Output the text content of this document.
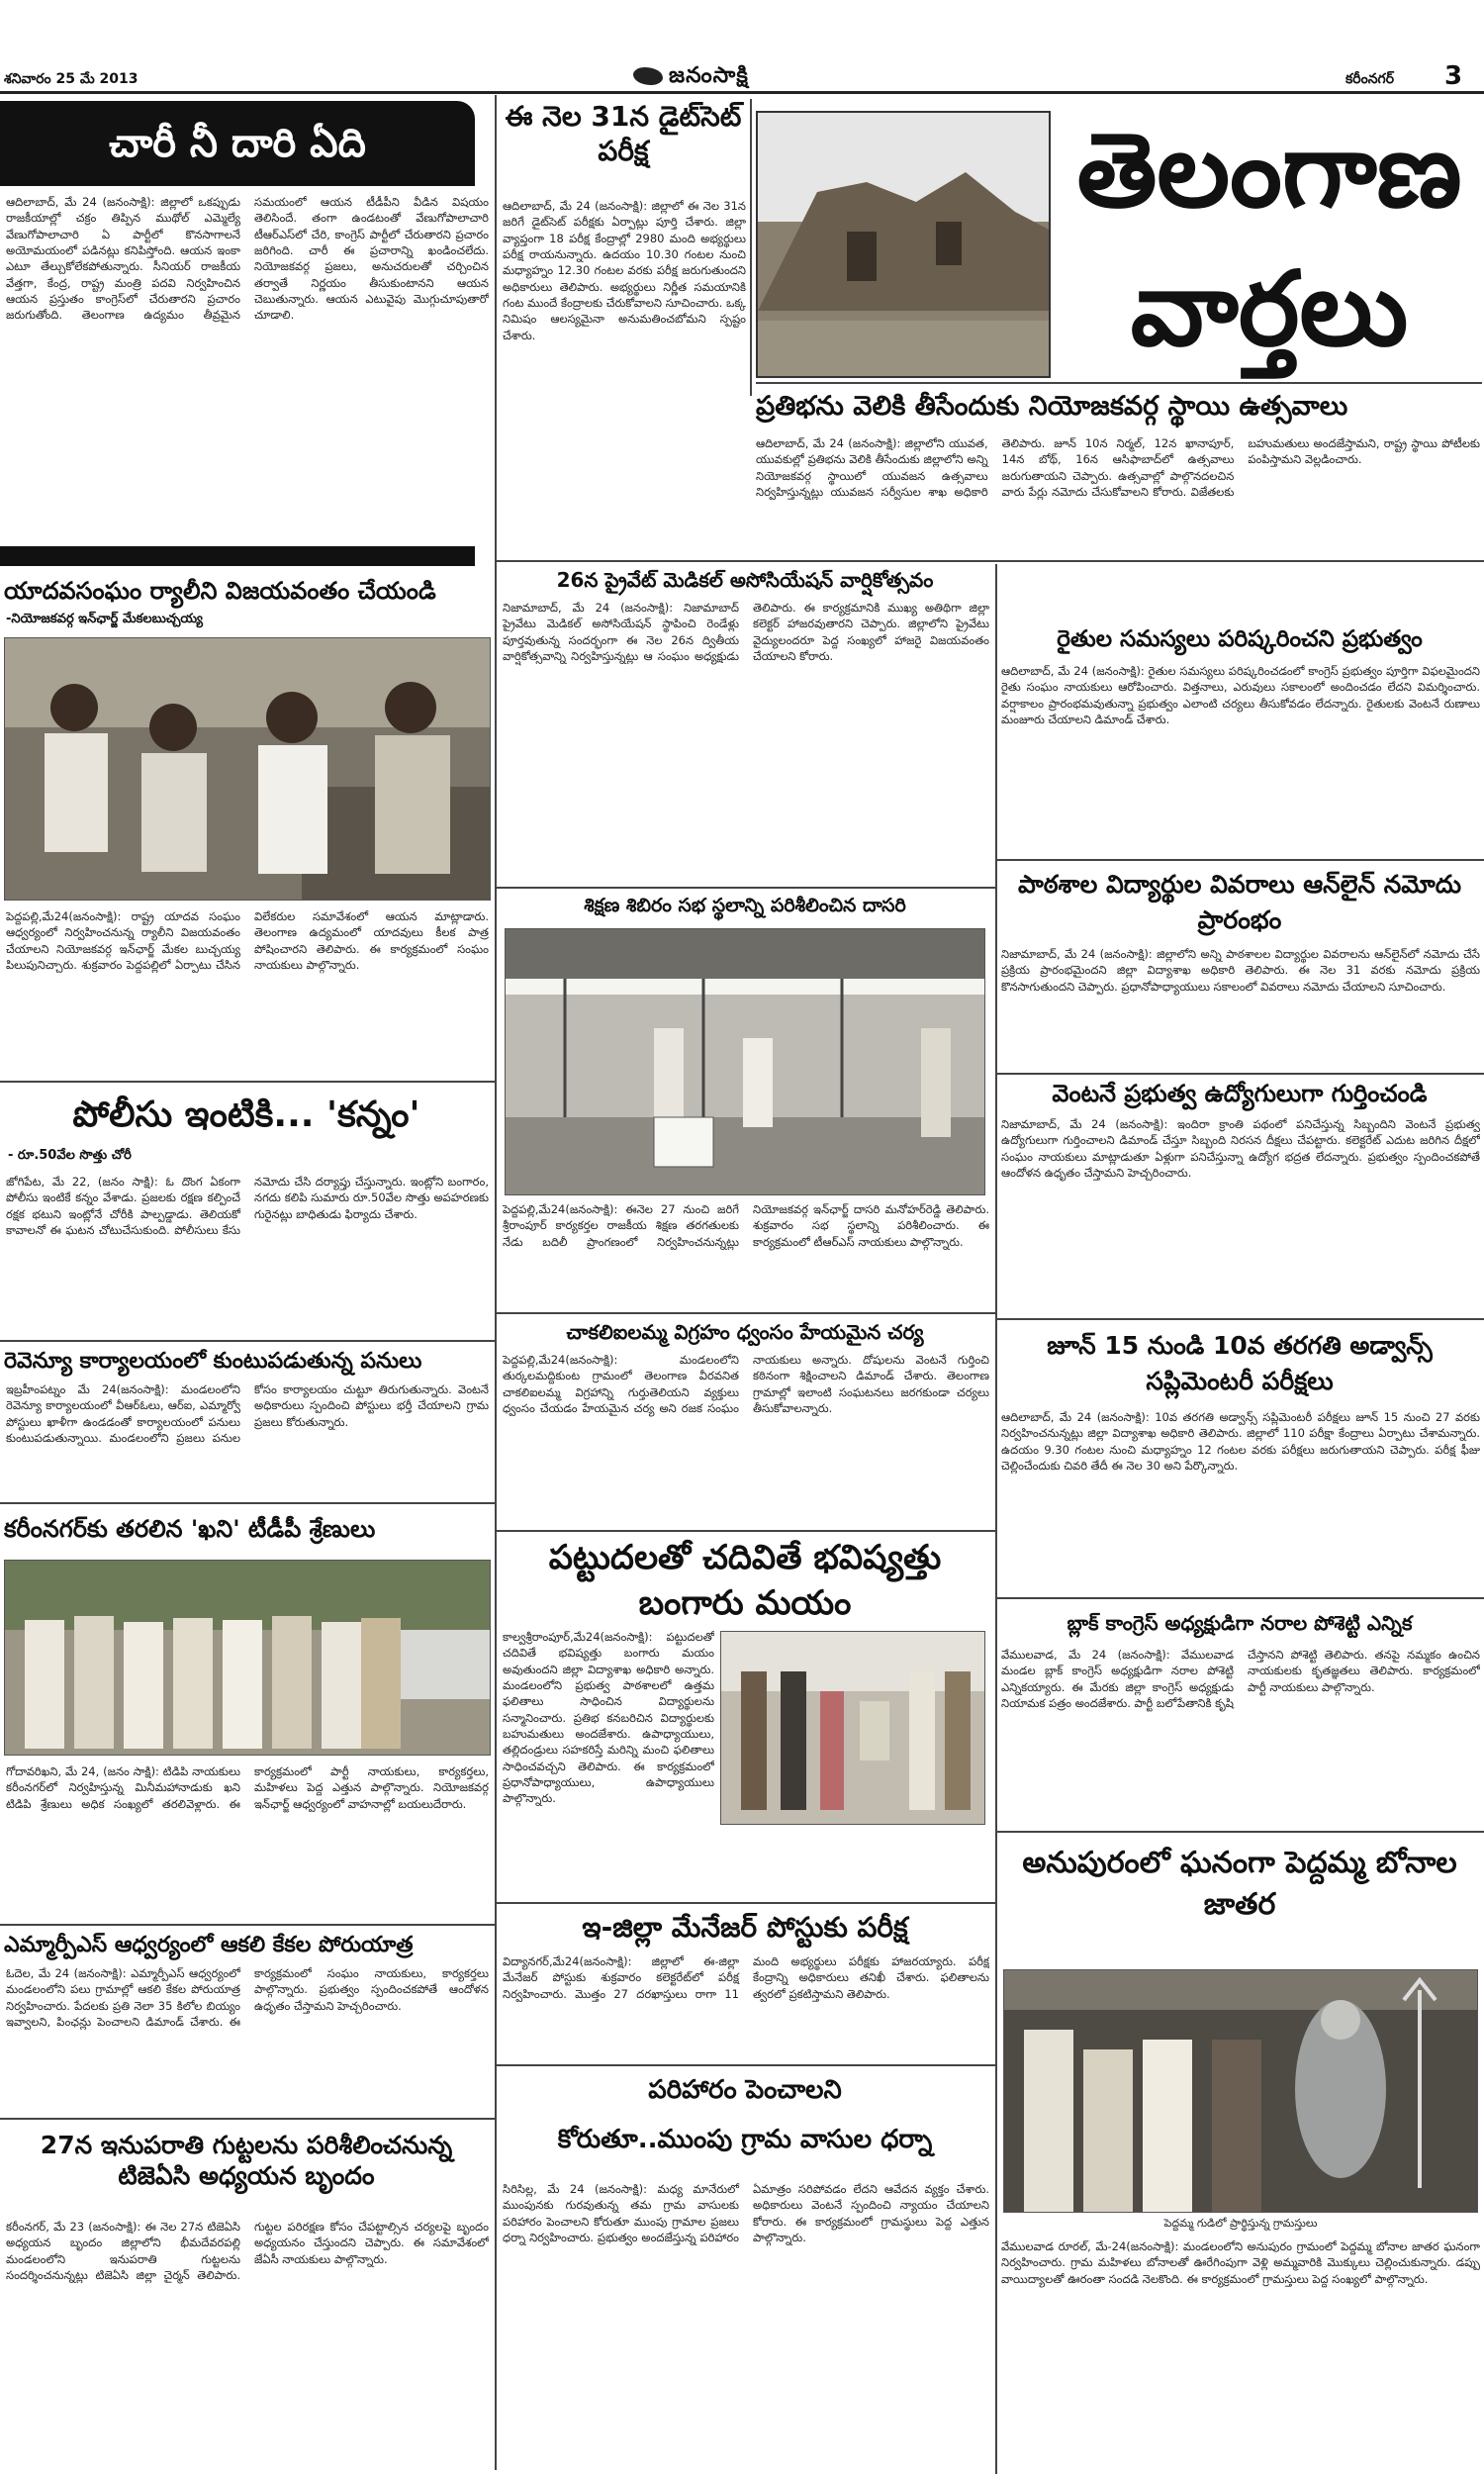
శనివారం 25 మే 2013	జనంసాక్షి	కరీంనగర్ 3
చారీ నీ దారి ఏది
ఆదిలాబాద్‌, మే 24 (జనంసాక్షి): జిల్లాలో ఒకప్పుడు రాజకీయాల్లో చక్రం తిప్పిన ముథోల్‌ ఎమ్మెల్యే వేణుగోపాలాచారి ఏ పార్టీలో కొనసాగాలనే అయోమయంలో పడినట్లు కనిపిస్తోంది. ఆయన ఇంకా ఎటూ తేల్చుకోలేకపోతున్నారు. సీనియర్‌ రాజకీయ వేత్తగా, కేంద్ర, రాష్ట్ర మంత్రి పదవి నిర్వహించిన ఆయన ప్రస్తుతం కాంగ్రెస్‌లో చేరుతారని ప్రచారం జరుగుతోంది. తెలంగాణ ఉద్యమం తీవ్రమైన సమయంలో ఆయన టీడీపీని వీడిన విషయం తెలిసిందే. తంగా ఉండటంతో వేణుగోపాలాచారి టీఆర్‌ఎస్‌లో చేరి, కాంగ్రెస్‌ పార్టీలో చేరుతారని ప్రచారం జరిగింది. చారీ ఈ ప్రచారాన్ని ఖండించలేదు. నియోజకవర్గ ప్రజలు, అనుచరులతో చర్చించిన తర్వాతే నిర్ణయం తీసుకుంటానని ఆయన చెబుతున్నారు. ఆయన ఎటువైపు మొగ్గుచూపుతారో చూడాలి.
యాదవసంఘం ర్యాలీని విజయవంతం చేయండి
-నియోజకవర్గ ఇన్‌ఛార్జ్‌ మేకలబుచ్చయ్య
పెద్దపల్లి,మే24(జనంసాక్షి): రాష్ట్ర యాదవ సంఘం ఆధ్వర్యంలో నిర్వహించనున్న ర్యాలీని విజయవంతం చేయాలని నియోజకవర్గ ఇన్‌ఛార్జ్‌ మేకల బుచ్చయ్య పిలుపునిచ్చారు. శుక్రవారం పెద్దపల్లిలో ఏర్పాటు చేసిన విలేకరుల సమావేశంలో ఆయన మాట్లాడారు. తెలంగాణ ఉద్యమంలో యాదవులు కీలక పాత్ర పోషించారని తెలిపారు. ఈ కార్యక్రమంలో సంఘం నాయకులు పాల్గొన్నారు.
పోలీసు ఇంటికి... 'కన్నం'
- రూ.50వేల సొత్తు చోరీ
జోగిపేట, మే 22, (జనం సాక్షి): ఓ దొంగ ఏకంగా పోలీసు ఇంటికే కన్నం వేశాడు. ప్రజలకు రక్షణ కల్పించే రక్షక భటుని ఇంట్లోనే చోరీకి పాల్పడ్డాడు. తెలియకో కావాలనో ఈ ఘటన చోటుచేసుకుంది. పోలీసులు కేసు నమోదు చేసి దర్యాప్తు చేస్తున్నారు. ఇంట్లోని బంగారం, నగదు కలిపి సుమారు రూ.50వేల సొత్తు అపహరణకు గురైనట్లు బాధితుడు ఫిర్యాదు చేశారు.
రెవెన్యూ కార్యాలయంలో కుంటుపడుతున్న పనులు
ఇబ్రహీంపట్నం మే 24(జనంసాక్షి): మండలంలోని రెవెన్యూ కార్యాలయంలో వీఆర్‌ఓలు, ఆర్‌ఐ, ఎమ్మార్వో పోస్టులు ఖాళీగా ఉండడంతో కార్యాలయంలో పనులు కుంటుపడుతున్నాయి. మండలంలోని ప్రజలు పనుల కోసం కార్యాలయం చుట్టూ తిరుగుతున్నారు. వెంటనే అధికారులు స్పందించి పోస్టులు భర్తీ చేయాలని గ్రామ ప్రజలు కోరుతున్నారు.
కరీంనగర్‌కు తరలిన 'ఖని' టీడీపీ శ్రేణులు
గోదావరిఖని, మే 24, (జనం సాక్షి): టిడిపి నాయకులు కరీంనగర్‌లో నిర్వహిస్తున్న మినీమహానాడుకు ఖని టిడిపి శ్రేణులు అధిక సంఖ్యలో తరలివెళ్లారు. ఈ కార్యక్రమంలో పార్టీ నాయకులు, కార్యకర్తలు, మహిళలు పెద్ద ఎత్తున పాల్గొన్నారు. నియోజకవర్గ ఇన్‌ఛార్జ్‌ ఆధ్వర్యంలో వాహనాల్లో బయలుదేరారు.
ఎమ్మార్పీఎస్‌ ఆధ్వర్యంలో ఆకలి కేకల పోరుయాత్ర
ఓదెల, మే 24 (జనంసాక్షి): ఎమ్మార్పీఎస్‌ ఆధ్వర్యంలో మండలంలోని పలు గ్రామాల్లో ఆకలి కేకల పోరుయాత్ర నిర్వహించారు. పేదలకు ప్రతి నెలా 35 కిలోల బియ్యం ఇవ్వాలని, పింఛన్లు పెంచాలని డిమాండ్‌ చేశారు. ఈ కార్యక్రమంలో సంఘం నాయకులు, కార్యకర్తలు పాల్గొన్నారు. ప్రభుత్వం స్పందించకపోతే ఆందోళన ఉధృతం చేస్తామని హెచ్చరించారు.
27న ఇనుపరాతి గుట్టలను పరిశీలించనున్న టిజెఏసి అధ్యయన బృందం
కరీంనగర్‌, మే 23 (జనంసాక్షి): ఈ నెల 27న టిజెఏసి అధ్యయన బృందం జిల్లాలోని భీమదేవరపల్లి మండలంలోని ఇనుపరాతి గుట్టలను సందర్శించనున్నట్లు టిజెఏసి జిల్లా చైర్మన్‌ తెలిపారు. గుట్టల పరిరక్షణ కోసం చేపట్టాల్సిన చర్యలపై బృందం అధ్యయనం చేస్తుందని చెప్పారు. ఈ సమావేశంలో జేఏసీ నాయకులు పాల్గొన్నారు.
ఈ నెల 31న డైట్‌సెట్‌ పరీక్ష
ఆదిలాబాద్‌, మే 24 (జనంసాక్షి): జిల్లాలో ఈ నెల 31న జరిగే డైట్‌సెట్‌ పరీక్షకు ఏర్పాట్లు పూర్తి చేశారు. జిల్లా వ్యాప్తంగా 18 పరీక్ష కేంద్రాల్లో 2980 మంది అభ్యర్థులు పరీక్ష రాయనున్నారు. ఉదయం 10.30 గంటల నుంచి మధ్యాహ్నం 12.30 గంటల వరకు పరీక్ష జరుగుతుందని అధికారులు తెలిపారు. అభ్యర్థులు నిర్ణీత సమయానికి గంట ముందే కేంద్రాలకు చేరుకోవాలని సూచించారు. ఒక్క నిమిషం ఆలస్యమైనా అనుమతించబోమని స్పష్టం చేశారు.
తెలంగాణ
వార్తలు
ప్రతిభను వెలికి తీసేందుకు నియోజకవర్గ స్థాయి ఉత్సవాలు
ఆదిలాబాద్‌, మే 24 (జనంసాక్షి): జిల్లాలోని యువత, యువకుల్లో ప్రతిభను వెలికి తీసేందుకు జిల్లాలోని అన్ని నియోజకవర్గ స్థాయిలో యువజన ఉత్సవాలు నిర్వహిస్తున్నట్లు యువజన సర్వీసుల శాఖ అధికారి తెలిపారు. జూన్‌ 10న నిర్మల్‌, 12న ఖానాపూర్‌, 14న బోథ్‌, 16న ఆసిఫాబాద్‌లో ఉత్సవాలు జరుగుతాయని చెప్పారు. ఉత్సవాల్లో పాల్గొనదలచిన వారు పేర్లు నమోదు చేసుకోవాలని కోరారు. విజేతలకు బహుమతులు అందజేస్తామని, రాష్ట్ర స్థాయి పోటీలకు పంపిస్తామని వెల్లడించారు.
26న ప్రైవేట్‌ మెడికల్‌ అసోసియేషన్‌ వార్షికోత్సవం
నిజామాబాద్‌, మే 24 (జనంసాక్షి): నిజామాబాద్‌ ప్రైవేటు మెడికల్‌ అసోసియేషన్‌ స్థాపించి రెండేళ్లు పూర్తవుతున్న సందర్భంగా ఈ నెల 26న ద్వితీయ వార్షికోత్సవాన్ని నిర్వహిస్తున్నట్లు ఆ సంఘం అధ్యక్షుడు తెలిపారు. ఈ కార్యక్రమానికి ముఖ్య అతిథిగా జిల్లా కలెక్టర్‌ హాజరవుతారని చెప్పారు. జిల్లాలోని ప్రైవేటు వైద్యులందరూ పెద్ద సంఖ్యలో హాజరై విజయవంతం చేయాలని కోరారు.
శిక్షణ శిబిరం సభ స్థలాన్ని పరిశీలించిన దాసరి
పెద్దపల్లి,మే24(జనంసాక్షి): ఈనెల 27 నుంచి జరిగే శ్రీరాంపూర్‌ కార్యకర్తల రాజకీయ శిక్షణ తరగతులకు నేడు బదిలీ ప్రాంగణంలో నిర్వహించనున్నట్లు నియోజకవర్గ ఇన్‌ఛార్జ్‌ దాసరి మనోహర్‌రెడ్డి తెలిపారు. శుక్రవారం సభ స్థలాన్ని పరిశీలించారు. ఈ కార్యక్రమంలో టీఆర్‌ఎస్‌ నాయకులు పాల్గొన్నారు.
చాకలిఐలమ్మ విగ్రహం ధ్వంసం హేయమైన చర్య
పెద్దపల్లి,మే24(జనంసాక్షి): మండలంలోని తుర్కలమద్దికుంట గ్రామంలో తెలంగాణ వీరవనిత చాకలిఐలమ్మ విగ్రహాన్ని గుర్తుతెలియని వ్యక్తులు ధ్వంసం చేయడం హేయమైన చర్య అని రజక సంఘం నాయకులు అన్నారు. దోషులను వెంటనే గుర్తించి కఠినంగా శిక్షించాలని డిమాండ్‌ చేశారు. తెలంగాణ గ్రామాల్లో ఇలాంటి సంఘటనలు జరగకుండా చర్యలు తీసుకోవాలన్నారు.
పట్టుదలతో చదివితే భవిష్యత్తు బంగారు మయం
కాల్వశ్రీరాంపూర్‌,మే24(జనంసాక్షి): పట్టుదలతో చదివితే భవిష్యత్తు బంగారు మయం అవుతుందని జిల్లా విద్యాశాఖ అధికారి అన్నారు. మండలంలోని ప్రభుత్వ పాఠశాలలో ఉత్తమ ఫలితాలు సాధించిన విద్యార్థులను సన్మానించారు. ప్రతిభ కనబరిచిన విద్యార్థులకు బహుమతులు అందజేశారు. ఉపాధ్యాయులు, తల్లిదండ్రులు సహకరిస్తే మరిన్ని మంచి ఫలితాలు సాధించవచ్చని తెలిపారు. ఈ కార్యక్రమంలో ప్రధానోపాధ్యాయులు, ఉపాధ్యాయులు పాల్గొన్నారు.
ఇ-జిల్లా మేనేజర్‌ పోస్టుకు పరీక్ష
విద్యానగర్‌,మే24(జనంసాక్షి): జిల్లాలో ఈ-జిల్లా మేనేజర్‌ పోస్టుకు శుక్రవారం కలెక్టరేట్‌లో పరీక్ష నిర్వహించారు. మొత్తం 27 దరఖాస్తులు రాగా 11 మంది అభ్యర్థులు పరీక్షకు హాజరయ్యారు. పరీక్ష కేంద్రాన్ని అధికారులు తనిఖీ చేశారు. ఫలితాలను త్వరలో ప్రకటిస్తామని తెలిపారు.
పరిహారం పెంచాలని
కోరుతూ..ముంపు గ్రామ వాసుల ధర్నా
సిరిసిల్ల, మే 24 (జనంసాక్షి): మధ్య మానేరులో ముంపునకు గురవుతున్న తమ గ్రామ వాసులకు పరిహారం పెంచాలని కోరుతూ ముంపు గ్రామాల ప్రజలు ధర్నా నిర్వహించారు. ప్రభుత్వం అందజేస్తున్న పరిహారం ఏమాత్రం సరిపోవడం లేదని ఆవేదన వ్యక్తం చేశారు. అధికారులు వెంటనే స్పందించి న్యాయం చేయాలని కోరారు. ఈ కార్యక్రమంలో గ్రామస్థులు పెద్ద ఎత్తున పాల్గొన్నారు.
రైతుల సమస్యలు పరిష్కరించని ప్రభుత్వం
ఆదిలాబాద్‌, మే 24 (జనంసాక్షి): రైతుల సమస్యలు పరిష్కరించడంలో కాంగ్రెస్‌ ప్రభుత్వం పూర్తిగా విఫలమైందని రైతు సంఘం నాయకులు ఆరోపించారు. విత్తనాలు, ఎరువులు సకాలంలో అందించడం లేదని విమర్శించారు. వర్షాకాలం ప్రారంభమవుతున్నా ప్రభుత్వం ఎలాంటి చర్యలు తీసుకోవడం లేదన్నారు. రైతులకు వెంటనే రుణాలు మంజూరు చేయాలని డిమాండ్‌ చేశారు.
పాఠశాల విద్యార్థుల వివరాలు ఆన్‌లైన్‌ నమోదు ప్రారంభం
నిజామాబాద్‌, మే 24 (జనంసాక్షి): జిల్లాలోని అన్ని పాఠశాలల విద్యార్థుల వివరాలను ఆన్‌లైన్‌లో నమోదు చేసే ప్రక్రియ ప్రారంభమైందని జిల్లా విద్యాశాఖ అధికారి తెలిపారు. ఈ నెల 31 వరకు నమోదు ప్రక్రియ కొనసాగుతుందని చెప్పారు. ప్రధానోపాధ్యాయులు సకాలంలో వివరాలు నమోదు చేయాలని సూచించారు.
వెంటనే ప్రభుత్వ ఉద్యోగులుగా గుర్తించండి
నిజామాబాద్‌, మే 24 (జనంసాక్షి): ఇందిరా క్రాంతి పథంలో పనిచేస్తున్న సిబ్బందిని వెంటనే ప్రభుత్వ ఉద్యోగులుగా గుర్తించాలని డిమాండ్‌ చేస్తూ సిబ్బంది నిరసన దీక్షలు చేపట్టారు. కలెక్టరేట్‌ ఎదుట జరిగిన దీక్షలో సంఘం నాయకులు మాట్లాడుతూ ఏళ్లుగా పనిచేస్తున్నా ఉద్యోగ భద్రత లేదన్నారు. ప్రభుత్వం స్పందించకపోతే ఆందోళన ఉధృతం చేస్తామని హెచ్చరించారు.
జూన్‌ 15 నుండి 10వ తరగతి అడ్వాన్స్‌ సప్లిమెంటరీ పరీక్షలు
ఆదిలాబాద్‌, మే 24 (జనంసాక్షి): 10వ తరగతి అడ్వాన్స్‌ సప్లిమెంటరీ పరీక్షలు జూన్‌ 15 నుంచి 27 వరకు నిర్వహించనున్నట్లు జిల్లా విద్యాశాఖ అధికారి తెలిపారు. జిల్లాలో 110 పరీక్షా కేంద్రాలు ఏర్పాటు చేశామన్నారు. ఉదయం 9.30 గంటల నుంచి మధ్యాహ్నం 12 గంటల వరకు పరీక్షలు జరుగుతాయని చెప్పారు. పరీక్ష ఫీజు చెల్లించేందుకు చివరి తేదీ ఈ నెల 30 అని పేర్కొన్నారు.
బ్లాక్‌ కాంగ్రెస్‌ అధ్యక్షుడిగా నరాల పోశెట్టి ఎన్నిక
వేములవాడ, మే 24 (జనంసాక్షి): వేములవాడ మండల బ్లాక్‌ కాంగ్రెస్‌ అధ్యక్షుడిగా నరాల పోశెట్టి ఎన్నికయ్యారు. ఈ మేరకు జిల్లా కాంగ్రెస్‌ అధ్యక్షుడు నియామక పత్రం అందజేశారు. పార్టీ బలోపేతానికి కృషి చేస్తానని పోశెట్టి తెలిపారు. తనపై నమ్మకం ఉంచిన నాయకులకు కృతజ్ఞతలు తెలిపారు. కార్యక్రమంలో పార్టీ నాయకులు పాల్గొన్నారు.
అనుపురంలో ఘనంగా పెద్దమ్మ బోనాల జాతర
పెద్దమ్మ గుడిలో ప్రార్థిస్తున్న గ్రామస్తులు
వేములవాడ రూరల్‌, మే-24(జనంసాక్షి): మండలంలోని అనుపురం గ్రామంలో పెద్దమ్మ బోనాల జాతర ఘనంగా నిర్వహించారు. గ్రామ మహిళలు బోనాలతో ఊరేగింపుగా వెళ్లి అమ్మవారికి మొక్కులు చెల్లించుకున్నారు. డప్పు వాయిద్యాలతో ఊరంతా సందడి నెలకొంది. ఈ కార్యక్రమంలో గ్రామస్తులు పెద్ద సంఖ్యలో పాల్గొన్నారు.
